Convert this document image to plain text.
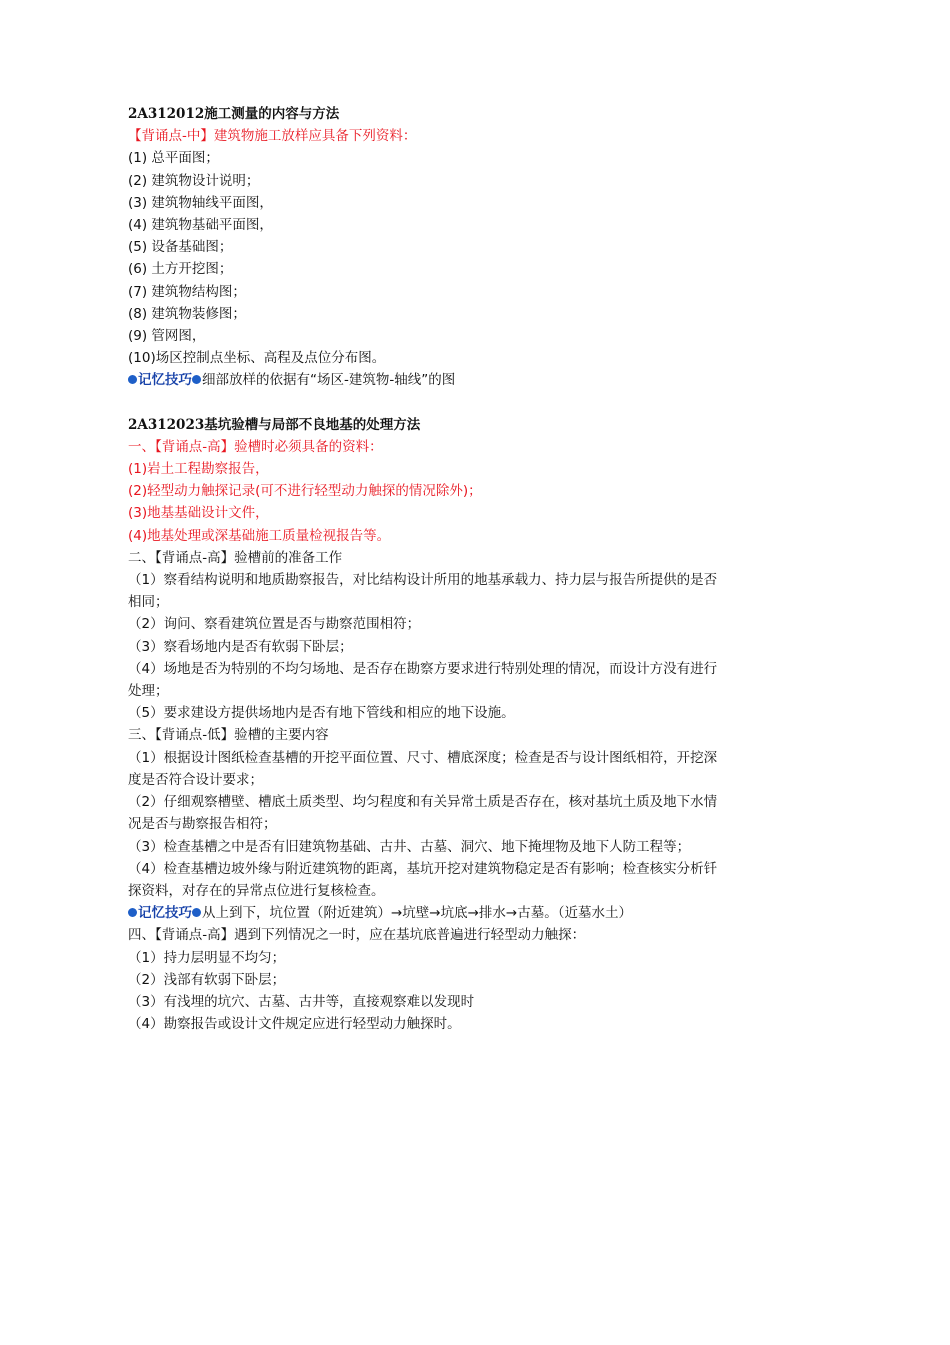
2A312012施工测量的内容与方法
【背诵点-中】建筑物施工放样应具备下列资料：
(1) 总平面图；
(2) 建筑物设计说明；
(3) 建筑物轴线平面图，
(4) 建筑物基础平面图，
(5) 设备基础图；
(6) 土方开挖图；
(7) 建筑物结构图；
(8) 建筑物装修图；
(9) 管网图，
(10)场区控制点坐标、高程及点位分布图。
记忆技巧 细部放样的依据有“场区-建筑物-轴线”的图
2A312023基坑验槽与局部不良地基的处理方法
一、【背诵点-高】验槽时必须具备的资料：
(1)岩土工程勘察报告，
(2)轻型动力触探记录(可不进行轻型动力触探的情况除外)；
(3)地基基础设计文件，
(4)地基处理或深基础施工质量检视报告等。
二、【背诵点-高】验槽前的准备工作
（1）察看结构说明和地质勘察报告，对比结构设计所用的地基承载力、持力层与报告所提供的是否相同；
（2）询问、察看建筑位置是否与勘察范围相符；
（3）察看场地内是否有软弱下卧层；
（4）场地是否为特别的不均匀场地、是否存在勘察方要求进行特别处理的情况，而设计方没有进行处理；
（5）要求建设方提供场地内是否有地下管线和相应的地下设施。
三、【背诵点-低】验槽的主要内容
（1）根据设计图纸检查基槽的开挖平面位置、尺寸、槽底深度；检查是否与设计图纸相符，开挖深度是否符合设计要求；
（2）仔细观察槽壁、槽底土质类型、均匀程度和有关异常土质是否存在，核对基坑土质及地下水情况是否与勘察报告相符；
（3）检查基槽之中是否有旧建筑物基础、古井、古墓、洞穴、地下掩埋物及地下人防工程等；
（4）检查基槽边坡外缘与附近建筑物的距离，基坑开挖对建筑物稳定是否有影响；检查核实分析钎探资料，对存在的异常点位进行复核检查。
记忆技巧 从上到下，坑位置（附近建筑）→坑壁→坑底→排水→古墓。（近墓水土）
四、【背诵点-高】遇到下列情况之一时，应在基坑底普遍进行轻型动力触探：
（1）持力层明显不均匀；
（2）浅部有软弱下卧层；
（3）有浅埋的坑穴、古墓、古井等，直接观察难以发现时
（4）勘察报告或设计文件规定应进行轻型动力触探时。
